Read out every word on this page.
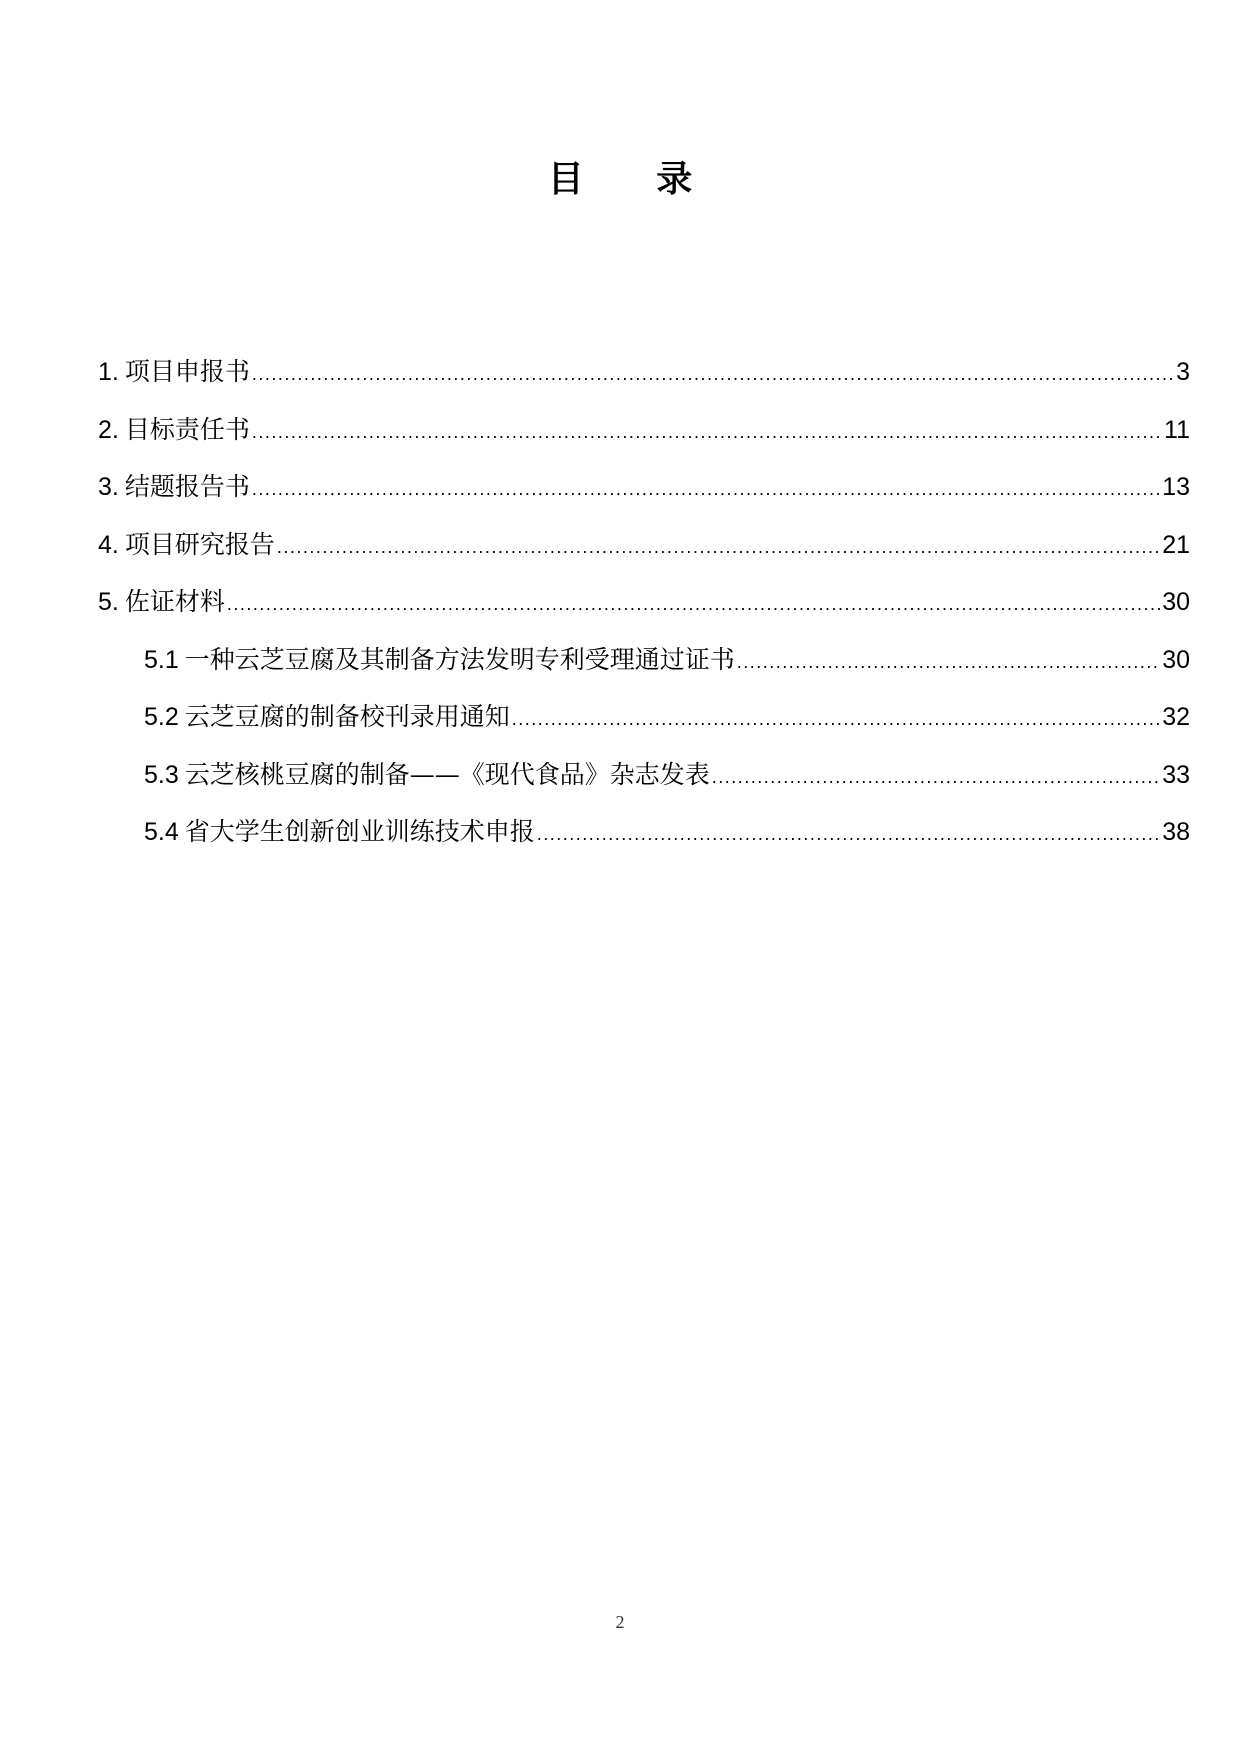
目 录
1. 项目申报书 .....	3
2. 目标责任书 .....	11
3. 结题报告书 .....	13
4. 项目研究报告 .....	21
5. 佐证材料 .....	30
5.1 一种云芝豆腐及其制备方法发明专利受理通过证书 .....	30
5.2 云芝豆腐的制备校刊录用通知 .....	32
5.3 云芝核桃豆腐的制备——《现代食品》杂志发表 .....	33
5.4 省大学生创新创业训练技术申报 .....	38
2
